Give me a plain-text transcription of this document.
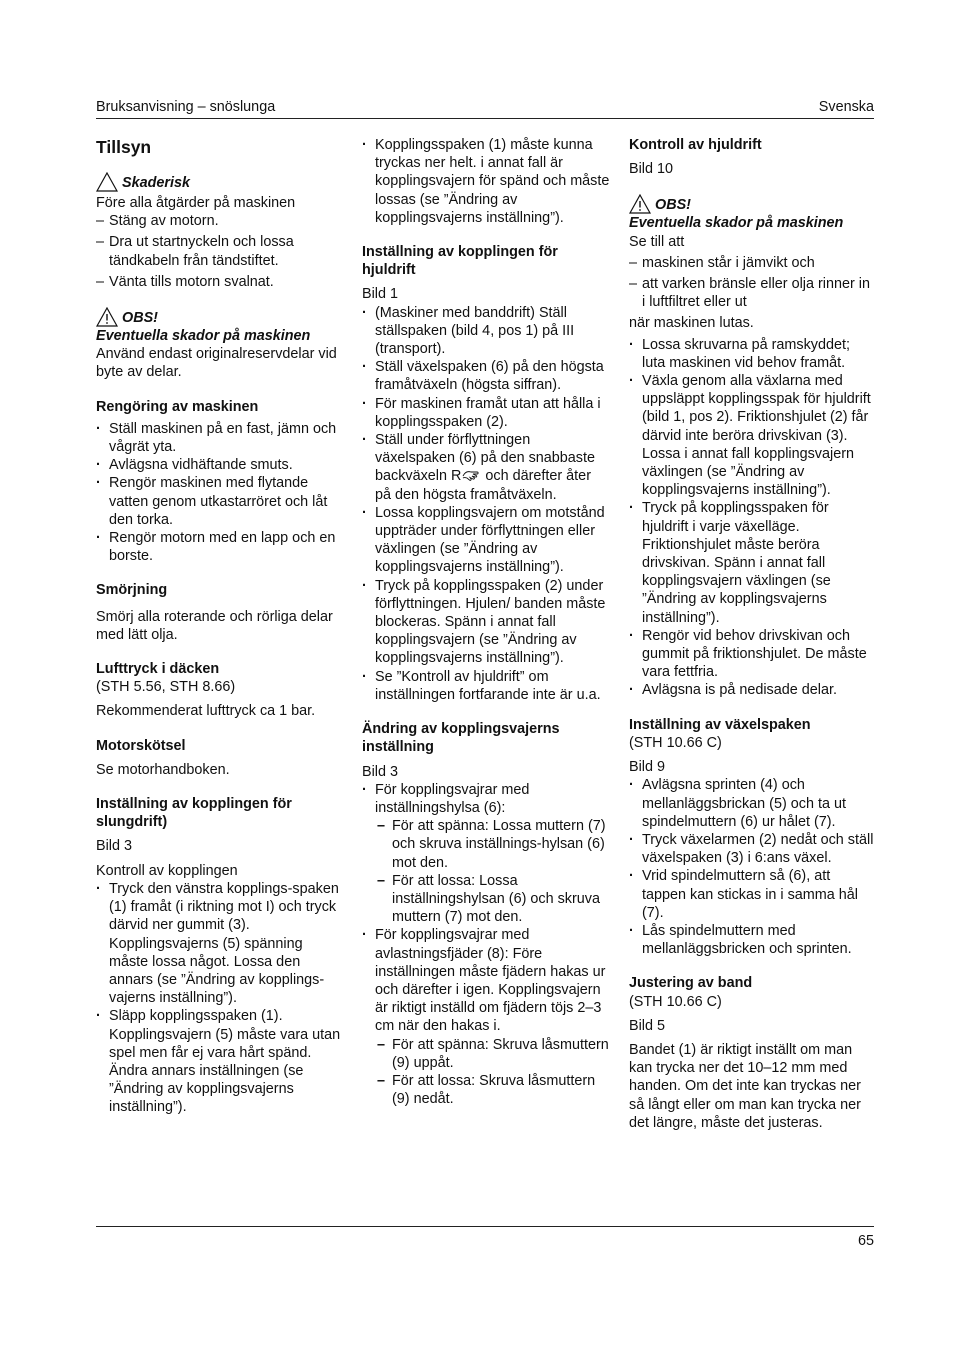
Bruksanvisning – snöslunga	Svenska
Tillsyn
Skaderisk

Före alla åtgärder på maskinen

– Stäng av motorn.
– Dra ut startnyckeln och lossa tändkabeln från tändstiftet.
– Vänta tills motorn svalnat.
OBS!

Eventuella skador på maskinen

Använd endast originalreservdelar vid byte av delar.

Rengöring av maskinen
· Ställ maskinen på en fast, jämn och vågrät yta.
· Avlägsna vidhäftande smuts.
· Rengör maskinen med flytande vatten genom utkastarröret och låt den torka.
· Rengör motorn med en lapp och en borste.
Smörjning

Smörj alla roterande och rörliga delar med lätt olja.

Lufttryck i däcken

(STH 5.56, STH 8.66)

Rekommenderat lufttryck ca 1 bar.

Motorskötsel

Se motorhandboken.

Inställning av kopplingen för slungdrift)

Bild 3

Kontroll av kopplingen

· Tryck den vänstra kopplings-spaken (1) framåt (i riktning mot I) och tryck därvid ner gummit (3). Kopplingsvajerns (5) spänning måste lossa något. Lossa den annars (se ”Ändring av kopplings-vajerns inställning”).
· Släpp kopplingsspaken (1). Kopplingsvajern (5) måste vara utan spel men får ej vara hårt spänd. Ändra annars inställningen (se ”Ändring av kopplingsvajerns inställning”).
· Kopplingsspaken (1) måste kunna tryckas ner helt. i annat fall är kopplingsvajern för spänd och måste lossas (se ”Ändring av kopplingsvajerns inställning”).
Inställning av kopplingen för hjuldrift

Bild 1

· (Maskiner med banddrift) Ställ ställspaken (bild 4, pos 1) på III (transport).
· Ställ växelspaken (6) på den högsta framåtväxeln (högsta siffran).
· För maskinen framåt utan att hålla i kopplingsspaken (2).
· Ställ under förflyttningen växelspaken (6) på den snabbaste backväxeln R och därefter åter på den högsta framåtväxeln.
· Lossa kopplingsvajern om motstånd uppträder under förflyttningen eller växlingen (se ”Ändring av kopplingsvajerns inställning”).
· Tryck på kopplingsspaken (2) under förflyttningen. Hjulen/ banden måste blockeras. Spänn i annat fall kopplingsvajern (se ”Ändring av kopplingsvajerns inställning”).
· Se ”Kontroll av hjuldrift” om inställningen fortfarande inte är u.a.
Ändring av kopplingsvajerns inställning

Bild 3

· För kopplingsvajrar med inställningshylsa (6):
– För att spänna: Lossa muttern (7) och skruva inställnings-hylsan (6) mot den.
– För att lossa: Lossa inställningshylsan (6) och skruva muttern (7) mot den.
· För kopplingsvajrar med avlastningsfjäder (8): Före inställningen måste fjädern hakas ur och därefter i igen. Kopplingsvajern är riktigt inställd om fjädern töjs 2–3 cm när den hakas i.
– För att spänna: Skruva låsmuttern (9) uppåt.
– För att lossa: Skruva låsmuttern (9) nedåt.
Kontroll av hjuldrift

Bild 10

OBS!

Eventuella skador på maskinen

Se till att

– maskinen står i jämvikt och
– att varken bränsle eller olja rinner in i luftfiltret eller ut

när maskinen lutas.

· Lossa skruvarna på ramskyddet; luta maskinen vid behov framåt.
· Växla genom alla växlarna med uppsläppt kopplingsspak för hjuldrift (bild 1, pos 2). Friktionshjulet (2) får därvid inte beröra drivskivan (3). Lossa i annat fall kopplingsvajern växlingen (se ”Ändring av kopplingsvajerns inställning”).
· Tryck på kopplingsspaken för hjuldrift i varje växelläge. Friktionshjulet måste beröra drivskivan. Spänn i annat fall kopplingsvajern växlingen (se ”Ändring av kopplingsvajerns inställning”).
· Rengör vid behov drivskivan och gummit på friktionshjulet. De måste vara fettfria.
· Avlägsna is på nedisade delar.
Inställning av växelspaken

(STH 10.66 C)

Bild 9

· Avlägsna sprinten (4) och mellanläggsbrickan (5) och ta ut spindelmuttern (6) ur hålet (7).
· Tryck växelarmen (2) nedåt och ställ växelspaken (3) i 6:ans växel.
· Vrid spindelmuttern så (6), att tappen kan stickas in i samma hål (7).
· Lås spindelmuttern med mellanläggsbricken och sprinten.
Justering av band

(STH 10.66 C)

Bild 5

Bandet (1) är riktigt inställt om man kan trycka ner det 10–12 mm med handen. Om det inte kan tryckas ner så långt eller om man kan trycka ner det längre, måste det justeras.

65
